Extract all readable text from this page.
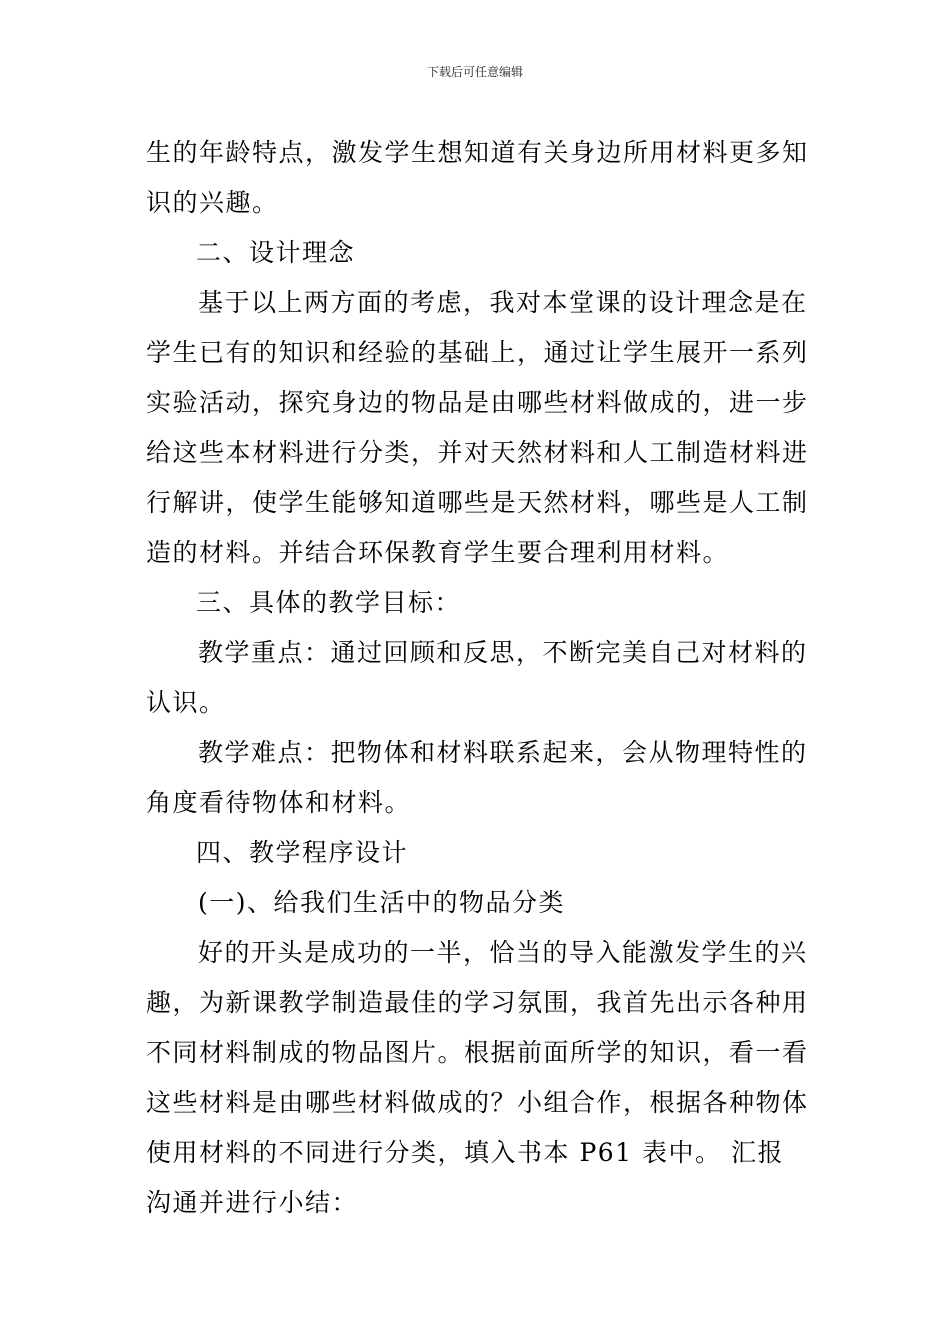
下载后可任意编辑

生的年龄特点，激发学生想知道有关身边所用材料更多知识的兴趣。

二、设计理念

基于以上两方面的考虑，我对本堂课的设计理念是在学生已有的知识和经验的基础上，通过让学生展开一系列实验活动，探究身边的物品是由哪些材料做成的，进一步给这些本材料进行分类，并对天然材料和人工制造材料进行解讲，使学生能够知道哪些是天然材料，哪些是人工制造的材料。并结合环保教育学生要合理利用材料。

三、具体的教学目标：

教学重点：通过回顾和反思，不断完美自己对材料的认识。

教学难点：把物体和材料联系起来，会从物理特性的角度看待物体和材料。

四、教学程序设计

(一)、给我们生活中的物品分类

好的开头是成功的一半，恰当的导入能激发学生的兴趣，为新课教学制造最佳的学习氛围，我首先出示各种用不同材料制成的物品图片。根据前面所学的知识，看一看这些材料是由哪些材料做成的？小组合作，根据各种物体使用材料的不同进行分类，填入书本 P61 表中。 汇报沟通并进行小结：
